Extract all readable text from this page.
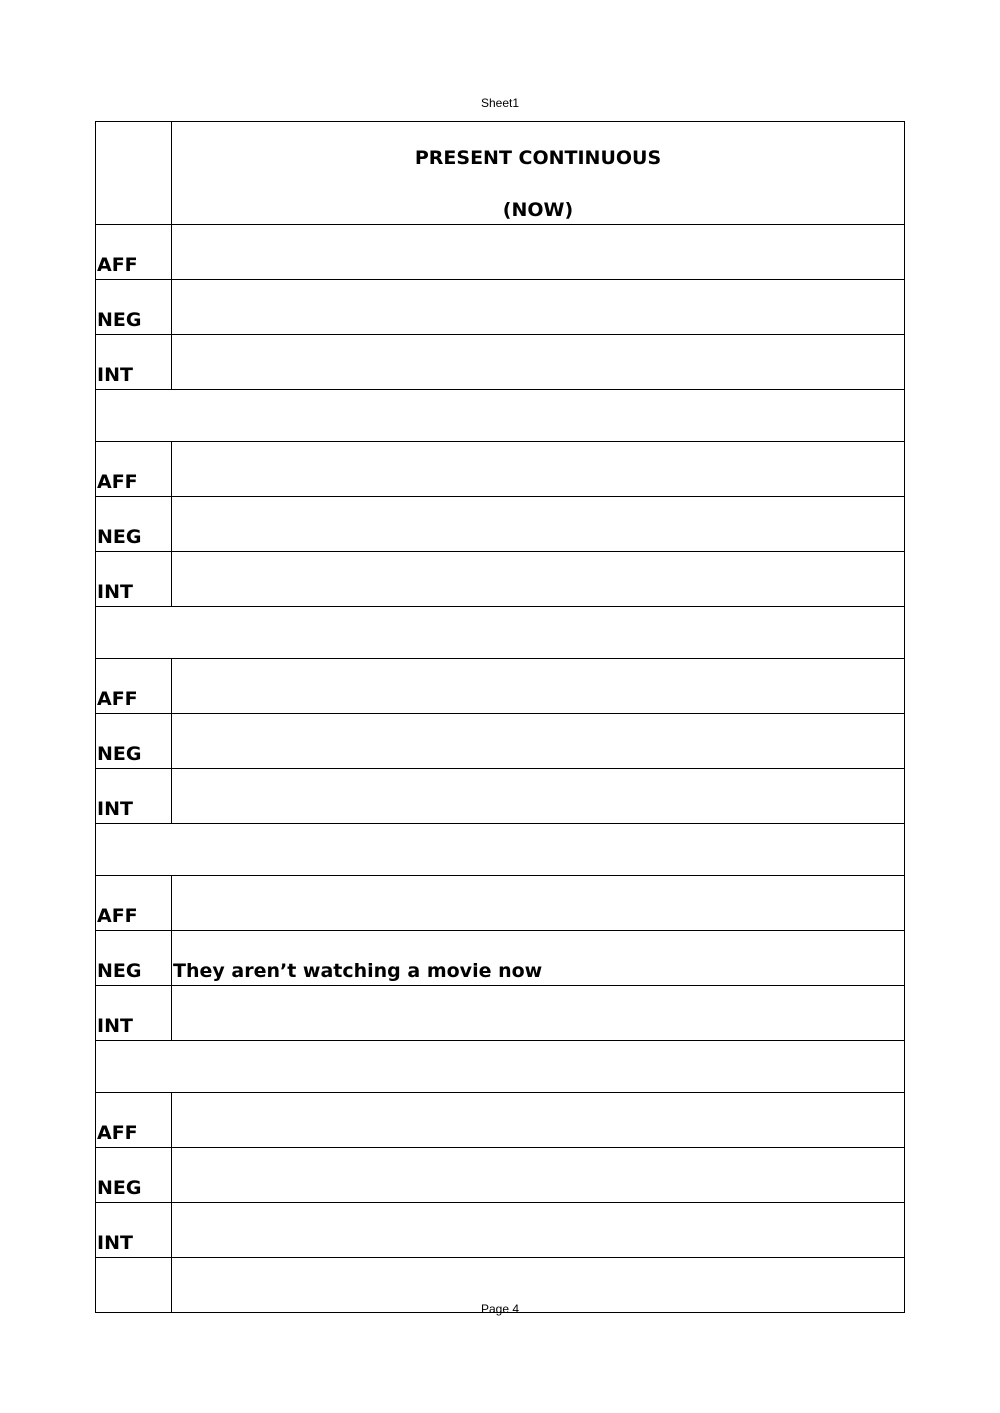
Sheet1

	PRESENT CONTINUOUS
(NOW)

AFF	
NEG	
INT	

AFF	
NEG	
INT	

AFF	
NEG	
INT	

AFF	
NEG	They aren’t watching a movie now
INT	

AFF	
NEG	
INT	

Page 4
